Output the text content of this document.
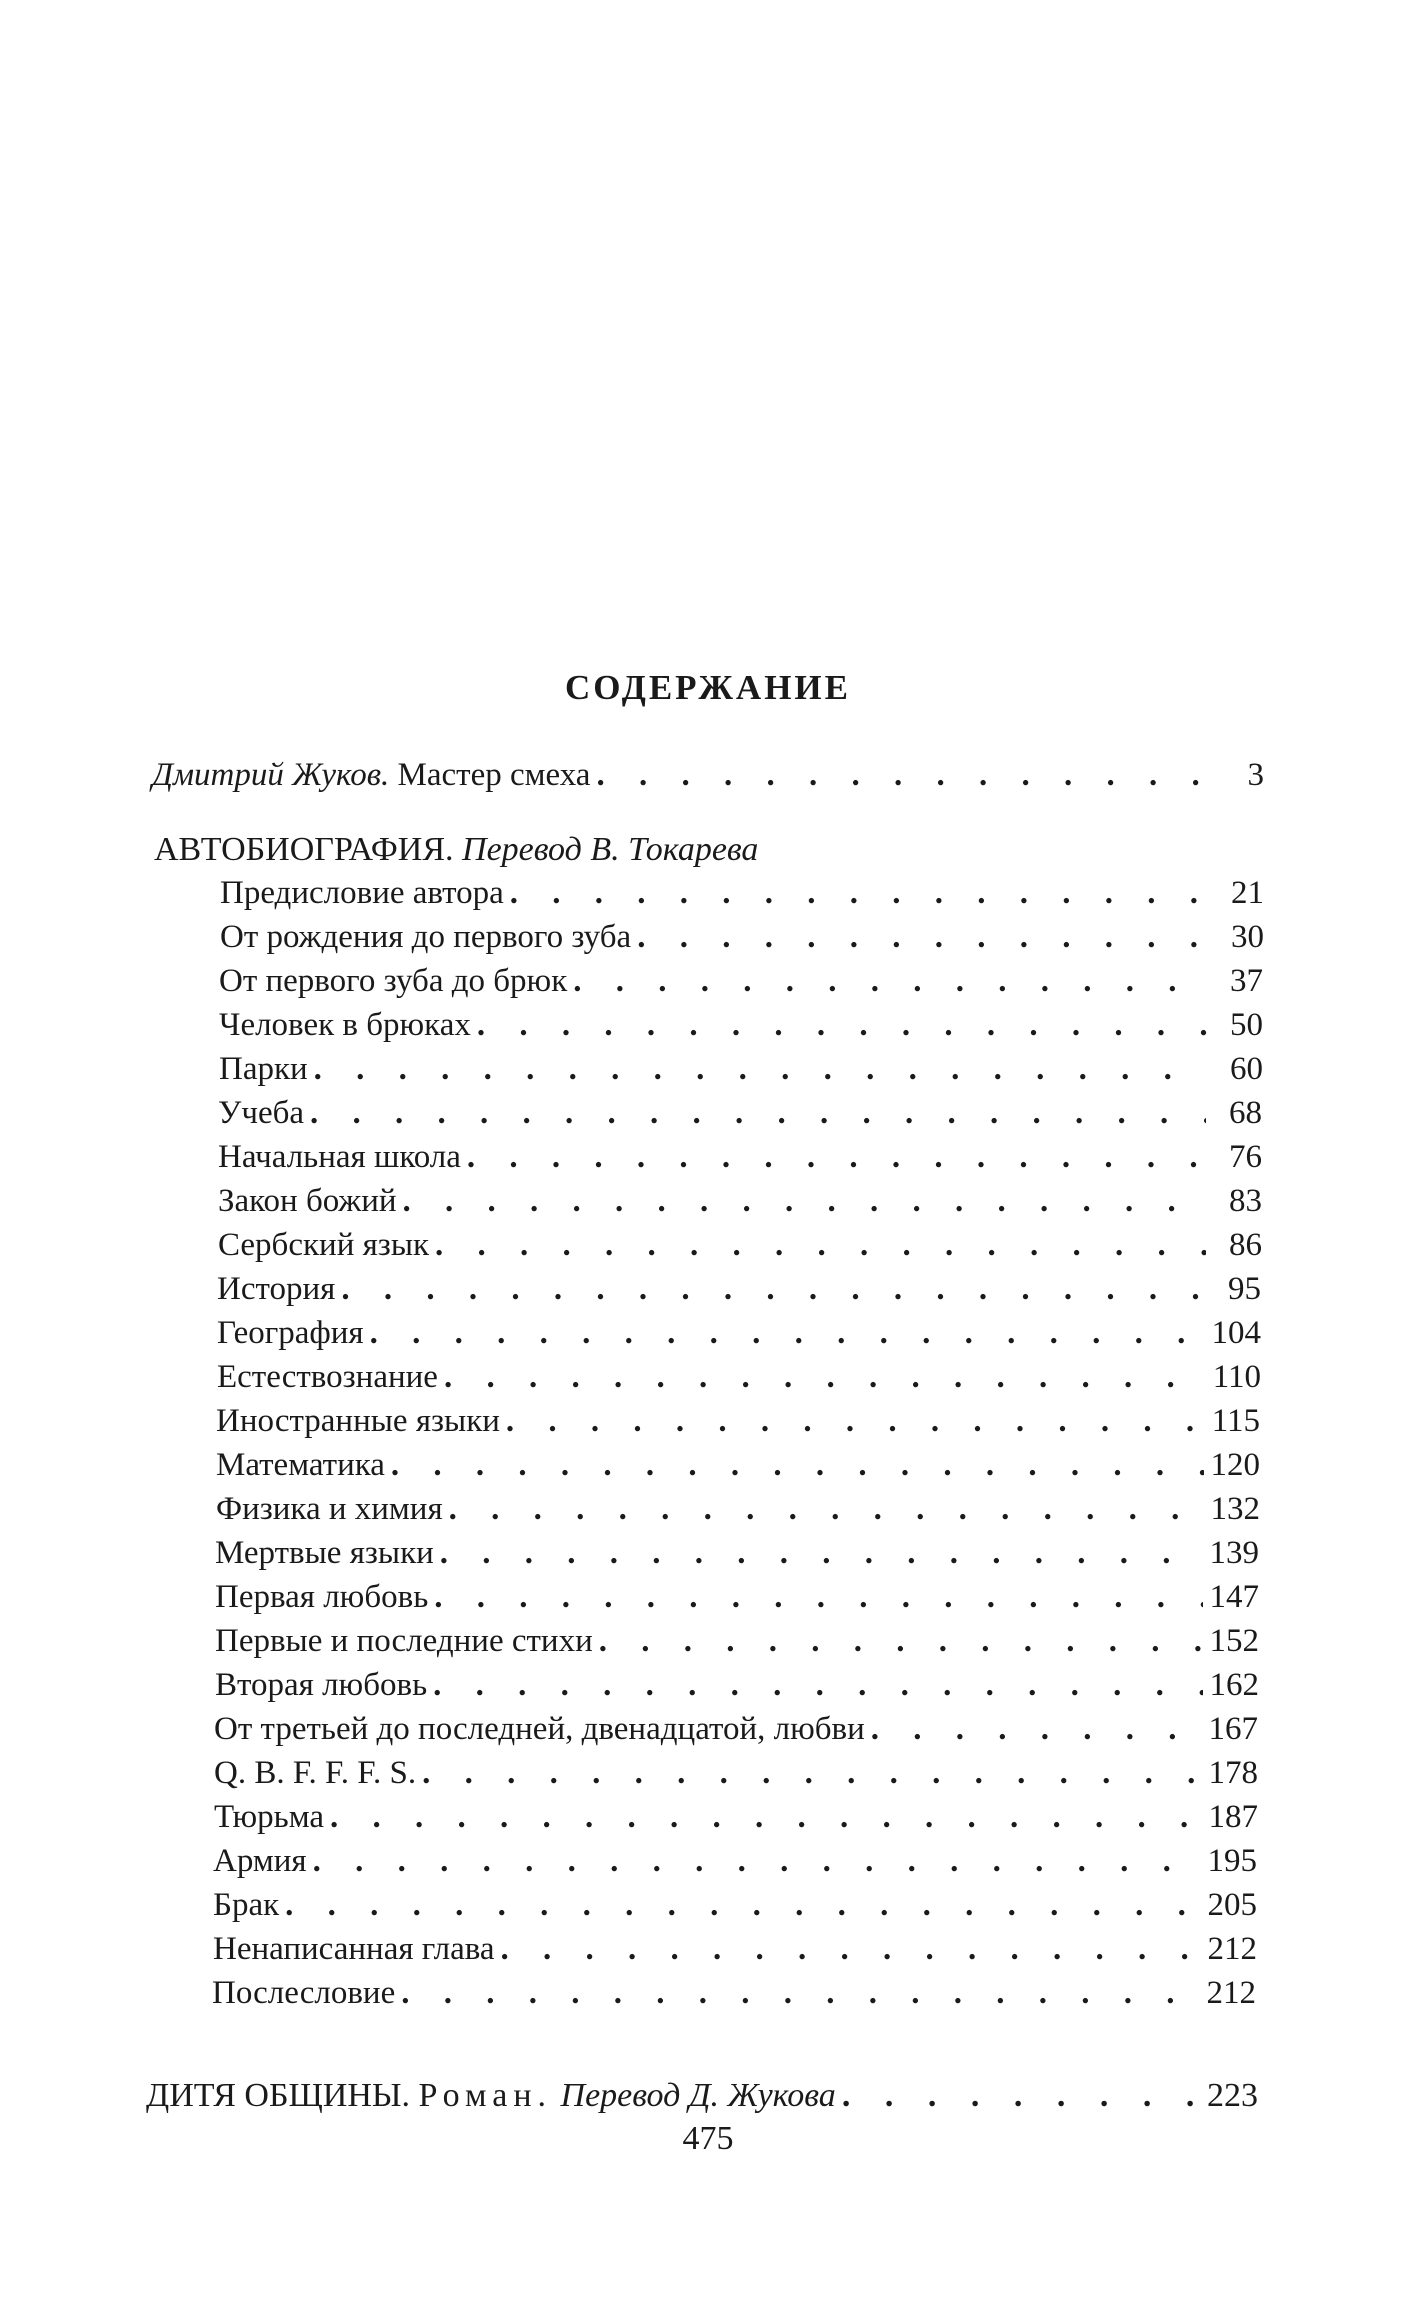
СОДЕРЖАНИЕ
Дмитрий Жуков. Мастер смеха . . .	3
АВТОБИОГРАФИЯ. Перевод В. Токарева
Предисловие автора . . .	21
От рождения до первого зуба . . .	30
От первого зуба до брюк . . .	37
Человек в брюках . . .	50
Парки . . .	60
Учеба . . .	68
Начальная школа . . .	76
Закон божий . . .	83
Сербский язык . . .	86
История . . .	95
География . . .	104
Естествознание . . .	110
Иностранные языки . . .	115
Математика . . .	120
Физика и химия . . .	132
Мертвые языки . . .	139
Первая любовь . . .	147
Первые и последние стихи . . .	152
Вторая любовь . . .	162
От третьей до последней, двенадцатой, любви . . .	167
Q. B. F. F. F. S. . . .	178
Тюрьма . . .	187
Армия . . .	195
Брак . . .	205
Ненаписанная глава . . .	212
Послесловие . . .	212
ДИТЯ ОБЩИНЫ. Роман. Перевод Д. Жукова . . .	223
475
